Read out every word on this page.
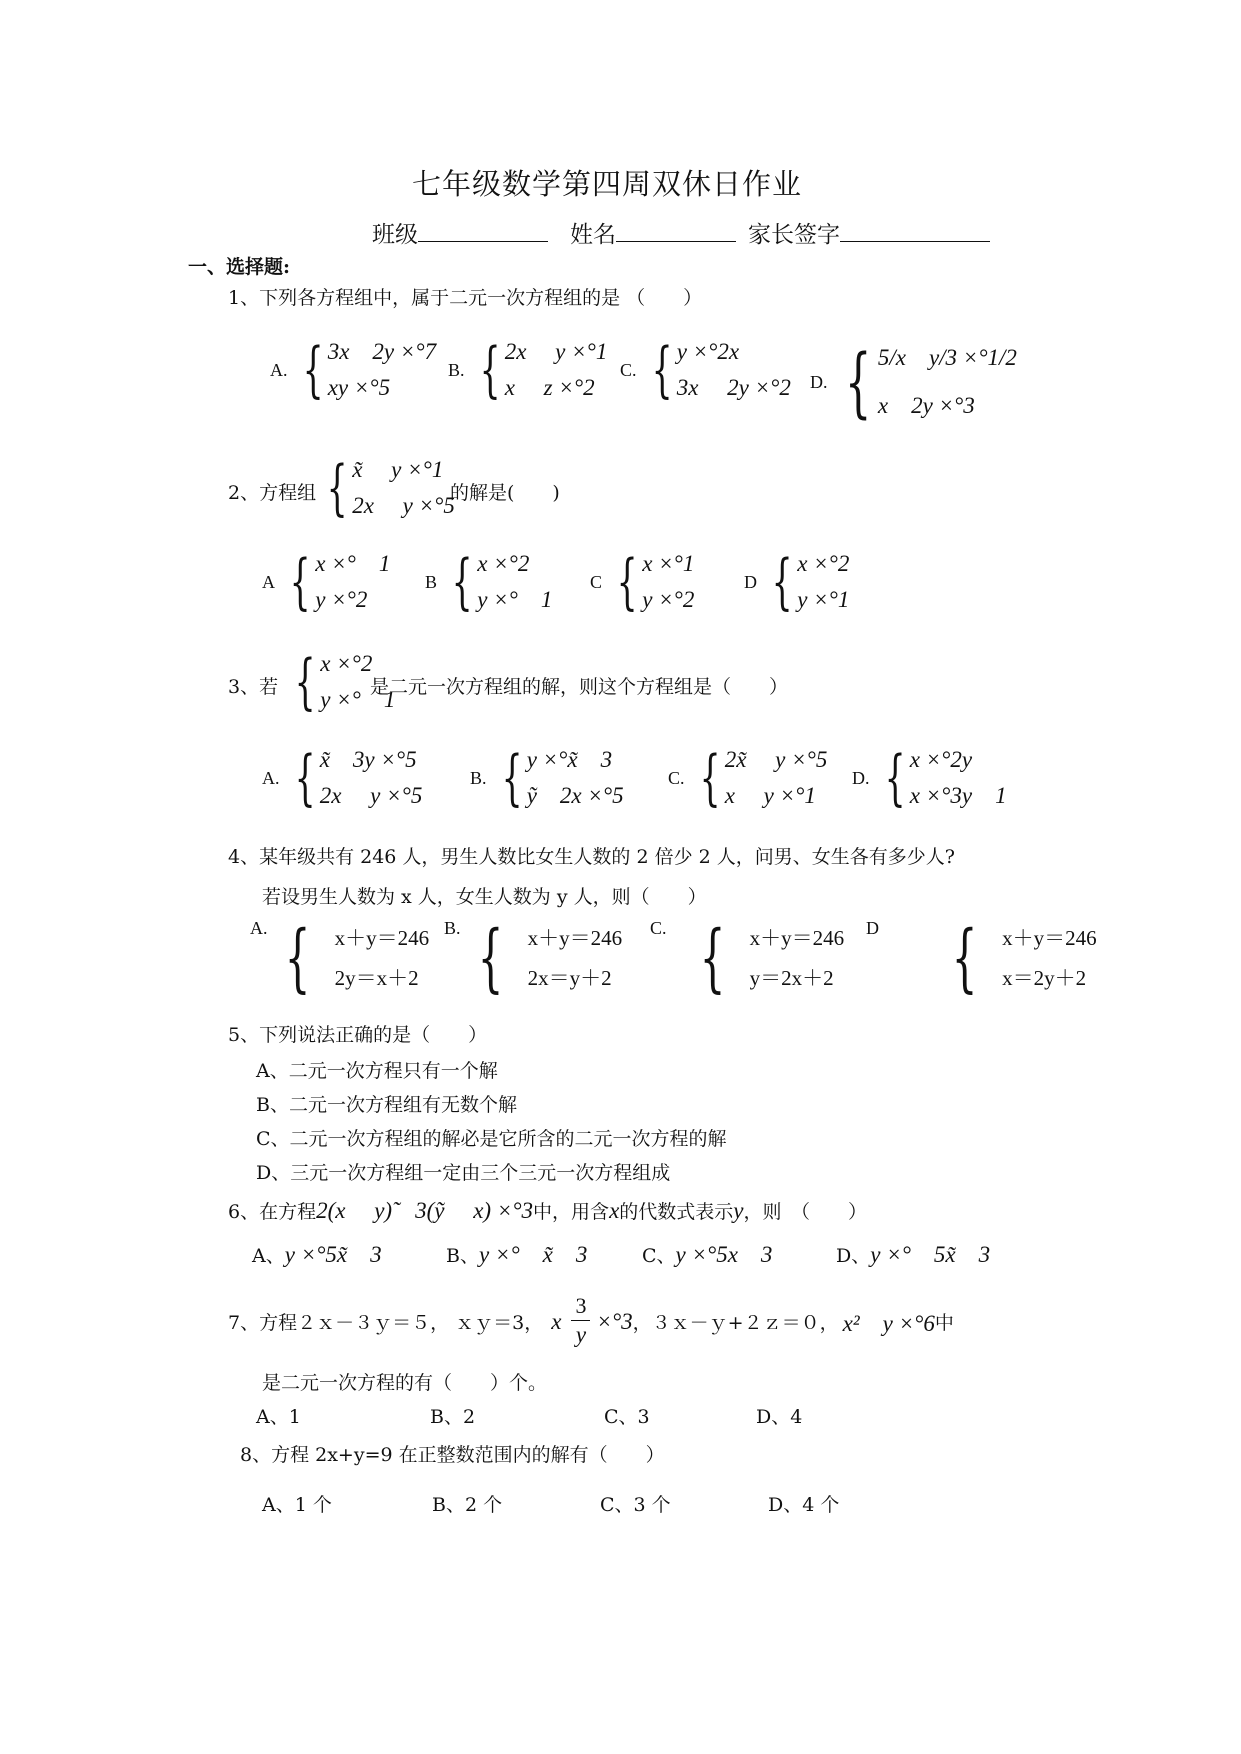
七年级数学第四周双休日作业
班级	姓名	家长签字
一、选择题:
1、下列各方程组中，属于二元一次方程组的是 （　　）
A. { 3x　2y ×°7
xy ×°5
B. { 2x　 y ×°1
x　 z ×°2
C. { y ×°2x
3x　 2y ×°2 D. { 5/x　y/3 ×°1/2
x　2y ×°3
2、方程组 { x̃　 y ×°1
2x　 y ×°5
的解是(　　)
A { x ×°　1
y ×°2
B { x ×°2
y ×°　1
C { x ×°1
y ×°2
D { x ×°2
y ×°1
3、若 { x ×°2
y ×°　1
是二元一次方程组的解，则这个方程组是（　　）
A. { x̃　3y ×°5
2x　 y ×°5
B. { y ×°x̃　3
ỹ　2x ×°5
C. { 2x̃　 y ×°5
x　 y ×°1
D. { x ×°2y
x ×°3y　1
4、某年级共有 246 人，男生人数比女生人数的 2 倍少 2 人，问男、女生各有多少人?
若设男生人数为 x 人，女生人数为 y 人，则（　　）
A. { x＋y＝246
2y＝x＋2
B. { x＋y＝246
2x＝y＋2
C. { x＋y＝246
y＝2x＋2
D { x＋y＝246
x＝2y＋2
5、下列说法正确的是（　　）
A、二元一次方程只有一个解
B、二元一次方程组有无数个解
C、二元一次方程组的解必是它所含的二元一次方程的解
D、三元一次方程组一定由三个三元一次方程组成
6、在方程2(x　 y)̃　3(ỹ　 x) ×°3中，用含x的代数式表示y，则　（　　）
A、y ×°5x̃　3	B、y ×°　x̃　3	C、y ×°5x　3	D、y ×°　5x̃　3
7、方程２ｘ－３ｙ＝５， ｘｙ＝3， x $\frac{3}{y} \times^\circ 3$ ，３ｘ－ｙ+２ｚ＝０， x²　y ×°6 中
是二元一次方程的有（　　）个。
A、1	B、2	C、3	D、4
8、方程 2x+y=9 在正整数范围内的解有（　　）
A、1 个	B、2 个	C、3 个	D、4 个
